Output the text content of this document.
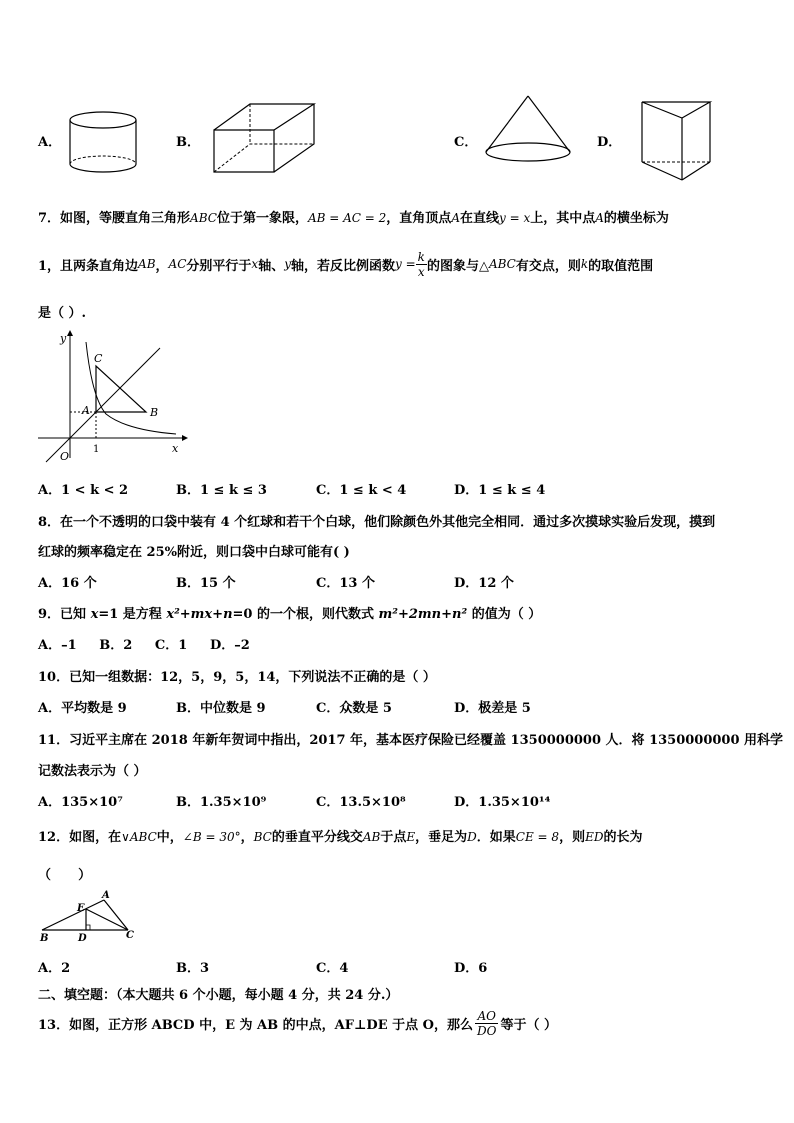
A．	B．	C．	D．
7．如图，等腰直角三角形ABC位于第一象限，AB = AC = 2，直角顶点A在直线y = x上，其中点A的横坐标为
1，且两条直角边 AB ， AC 分别平行于 x 轴、 y 轴，若反比例函数 $y = \frac{k}{x}$ 的图象与△ ABC 有交点，则 k 的取值范围
是（ ）.
y
x
C
A	B
O
1
A．1 < k < 2	B．1 ≤ k ≤ 3	C．1 ≤ k < 4	D．1 ≤ k ≤ 4
8．在一个不透明的口袋中装有 4 个红球和若干个白球，他们除颜色外其他完全相同．通过多次摸球实验后发现，摸到
红球的频率稳定在 25%附近，则口袋中白球可能有( )
A．16 个	B．15 个	C．13 个	D．12 个
9．已知 x=1 是方程 x²+mx+n=0 的一个根，则代数式 m²+2mn+n² 的值为（ ）
A．–1     B．2     C．1     D．–2
10．已知一组数据：12，5，9，5，14，下列说法不正确的是（ ）
A．平均数是 9	B．中位数是 9	C．众数是 5	D．极差是 5
11．习近平主席在 2018 年新年贺词中指出，2017 年，基本医疗保险已经覆盖 1350000000 人．将 1350000000 用科学
记数法表示为（ ）
A．135×10⁷	B．1.35×10⁹	C．13.5×10⁸	D．1.35×10¹⁴
12．如图，在∨ABC中，∠B = 30°，BC的垂直平分线交AB于点E，垂足为D．如果CE = 8，则ED的长为
（      ）
A
E
B	D	C
A．2	B．3	C．4	D．6
二、填空题：（本大题共 6 个小题，每小题 4 分，共 24 分.）
13．如图，正方形 ABCD 中，E 为 AB 的中点，AF⊥DE 于点 O，那么 $\frac{AO}{DO}$ 等于（ ）
